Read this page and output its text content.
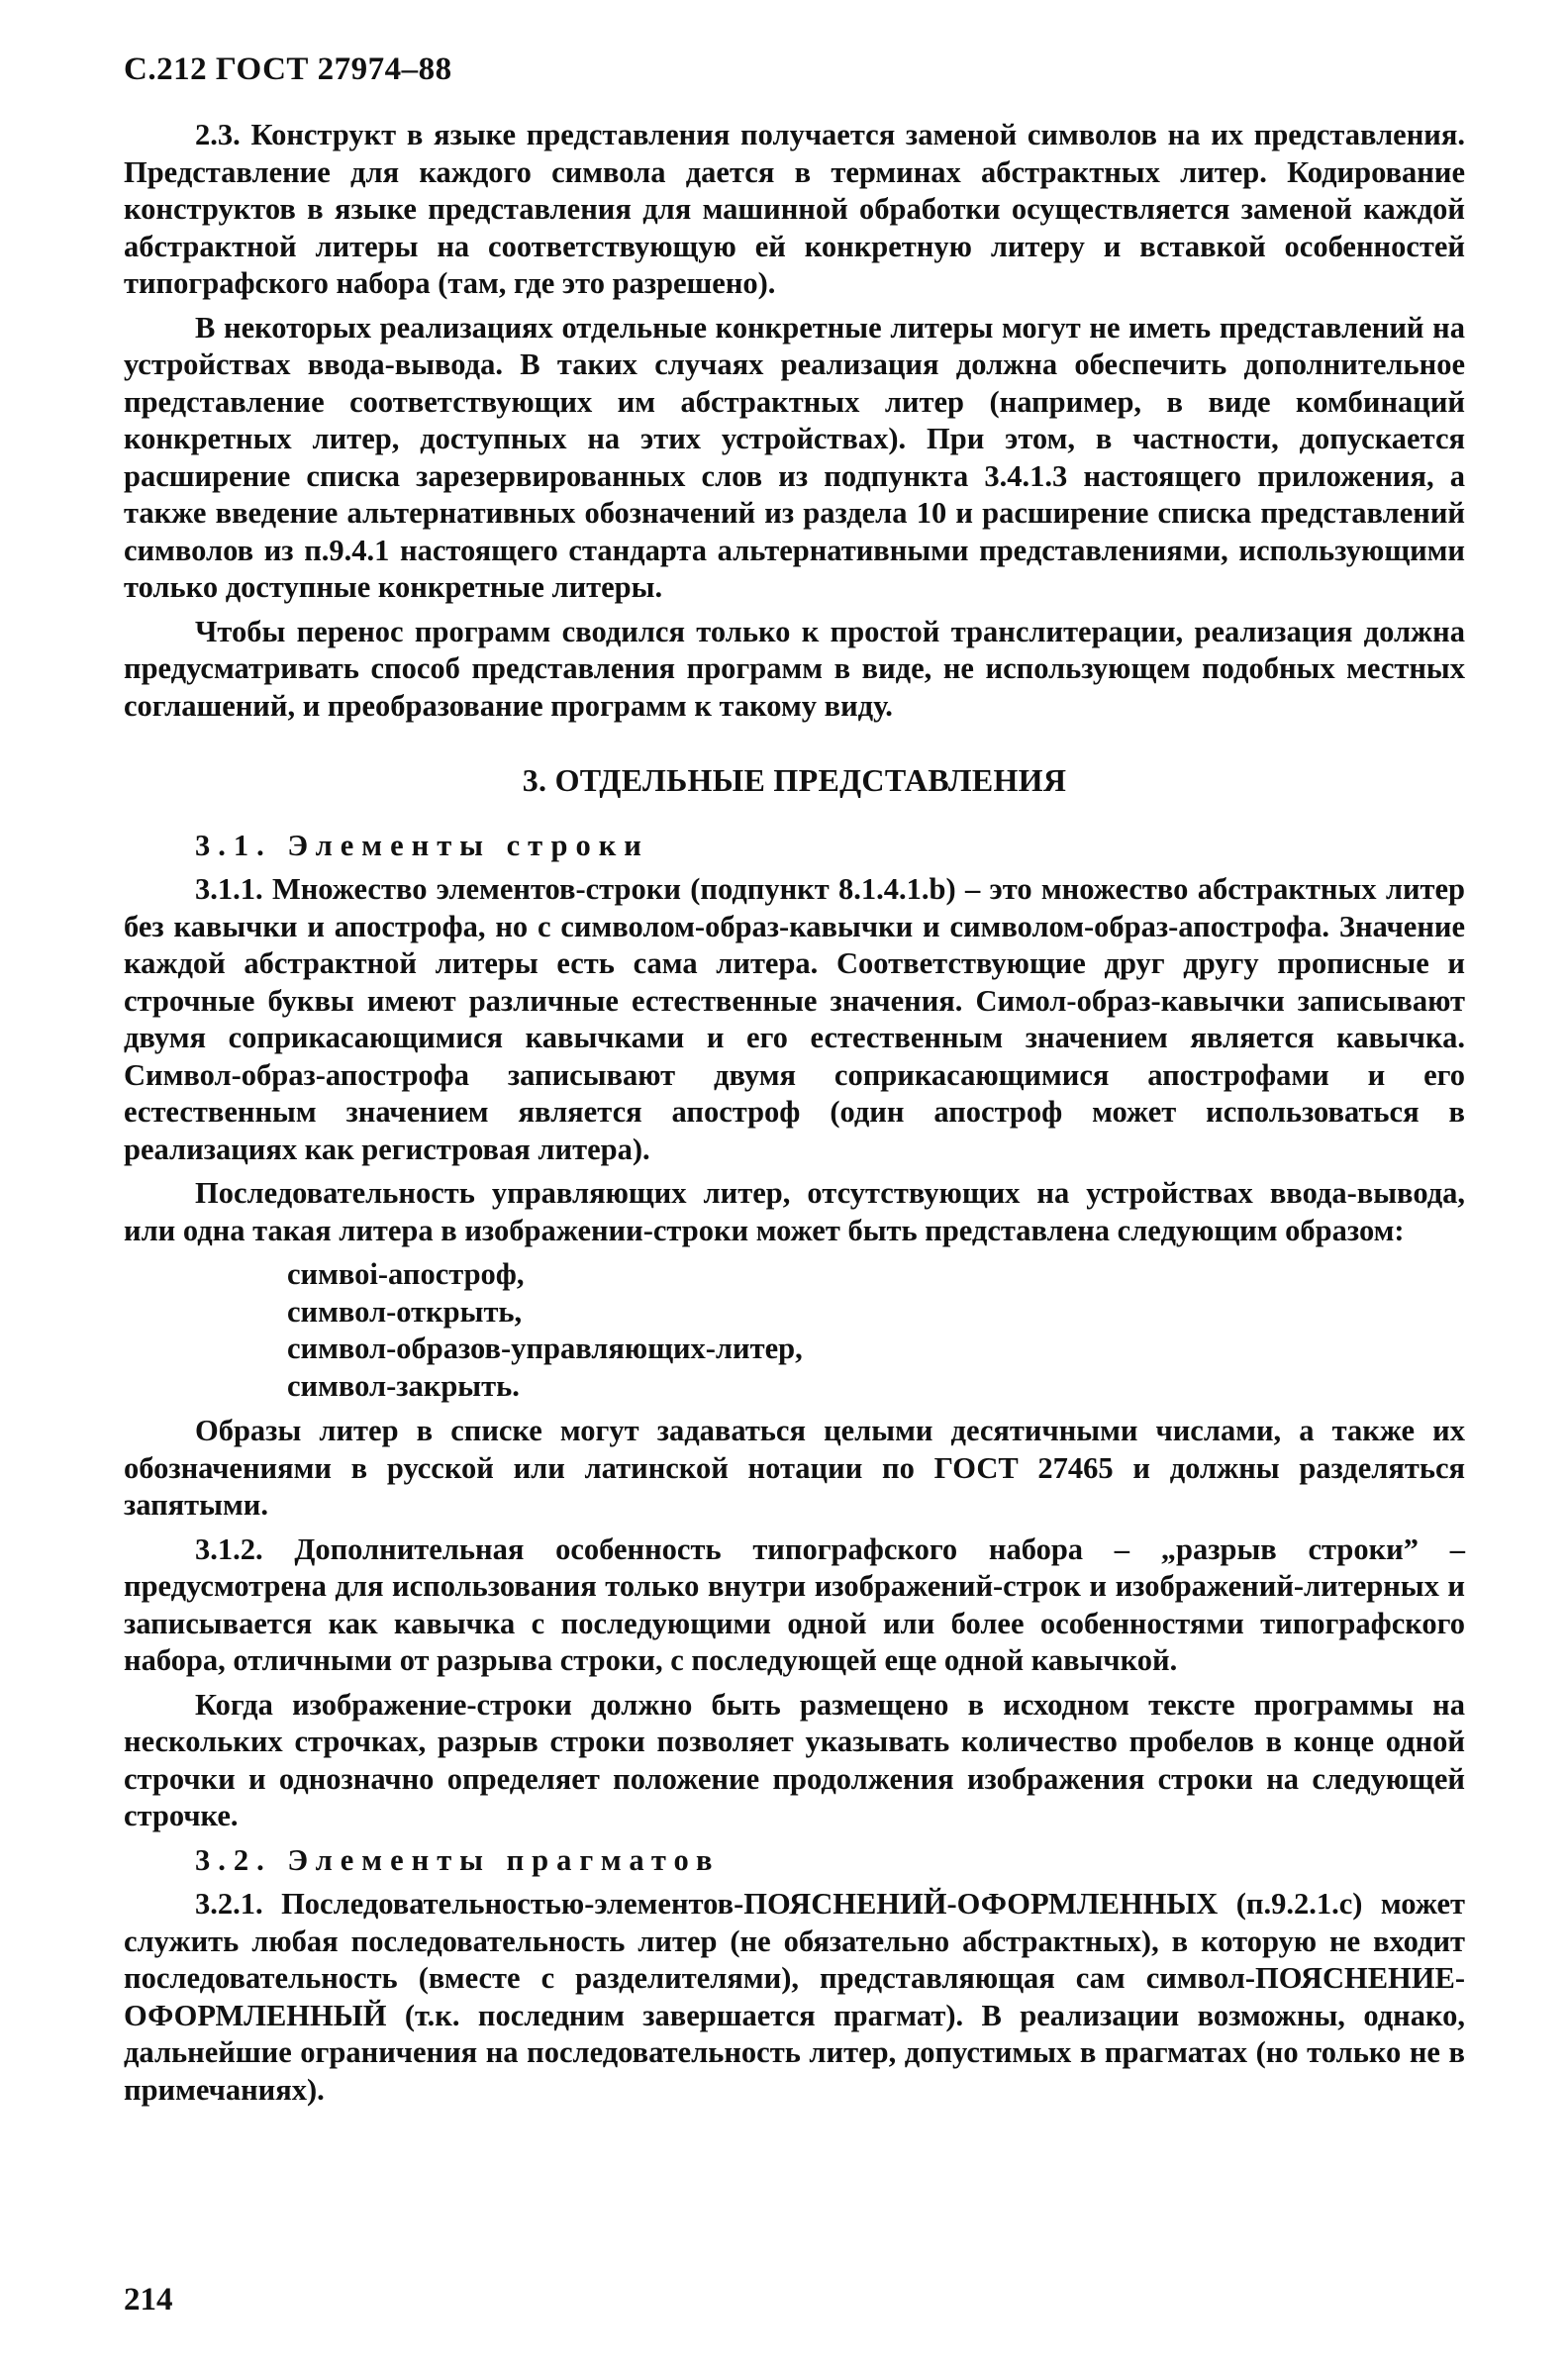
С.212 ГОСТ 27974–88

2.3. Конструкт в языке представления получается заменой символов на их представления. Представление для каждого символа дается в терминах абстрактных литер. Кодирование конструктов в языке представления для машинной обработки осуществляется заменой каждой абстрактной литеры на соответствующую ей конкретную литеру и вставкой особенностей типографского набора (там, где это разрешено).

В некоторых реализациях отдельные конкретные литеры могут не иметь представлений на устройствах ввода-вывода. В таких случаях реализация должна обеспечить дополнительное представление соответствующих им абстрактных литер (например, в виде комбинаций конкретных литер, доступных на этих устройствах). При этом, в частности, допускается расширение списка зарезервированных слов из подпункта 3.4.1.3 настоящего приложения, а также введение альтернативных обозначений из раздела 10 и расширение списка представлений символов из п.9.4.1 настоящего стандарта альтернативными представлениями, использующими только доступные конкретные литеры.

Чтобы перенос программ сводился только к простой транслитерации, реализация должна предусматривать способ представления программ в виде, не использующем подобных местных соглашений, и преобразование программ к такому виду.

3. ОТДЕЛЬНЫЕ ПРЕДСТАВЛЕНИЯ

3.1. Элементы строки

3.1.1. Множество элементов-строки (подпункт 8.1.4.1.b) – это множество абстрактных литер без кавычки и апострофа, но с символом-образ-кавычки и символом-образ-апострофа. Значение каждой абстрактной литеры есть сама литера. Соответствующие друг другу прописные и строчные буквы имеют различные естественные значения. Симол-образ-кавычки записывают двумя соприкасающимися кавычками и его естественным значением является кавычка. Символ-образ-апострофа записывают двумя соприкасающимися апострофами и его естественным значением является апостроф (один апостроф может использоваться в реализациях как регистровая литера).

Последовательность управляющих литер, отсутствующих на устройствах ввода-вывода, или одна такая литера в изображении-строки может быть представлена следующим образом:

симвоі-апостроф,
символ-открыть,
символ-образов-управляющих-литер,
символ-закрыть.

Образы литер в списке могут задаваться целыми десятичными числами, а также их обозначениями в русской или латинской нотации по ГОСТ 27465 и должны разделяться запятыми.

3.1.2. Дополнительная особенность типографского набора – „разрыв строки” – предусмотрена для использования только внутри изображений-строк и изображений-литерных и записывается как кавычка с последующими одной или более особенностями типографского набора, отличными от разрыва строки, с последующей еще одной кавычкой.

Когда изображение-строки должно быть размещено в исходном тексте программы на нескольких строчках, разрыв строки позволяет указывать количество пробелов в конце одной строчки и однозначно определяет положение продолжения изображения строки на следующей строчке.

3.2. Элементы прагматов

3.2.1. Последовательностью-элементов-ПОЯСНЕНИЙ-ОФОРМЛЕННЫХ (п.9.2.1.с) может служить любая последовательность литер (не обязательно абстрактных), в которую не входит последовательность (вместе с разделителями), представляющая сам символ-ПОЯСНЕНИЕ-ОФОРМЛЕННЫЙ (т.к. последним завершается прагмат). В реализации возможны, однако, дальнейшие ограничения на последовательность литер, допустимых в прагматах (но только не в примечаниях).

214
